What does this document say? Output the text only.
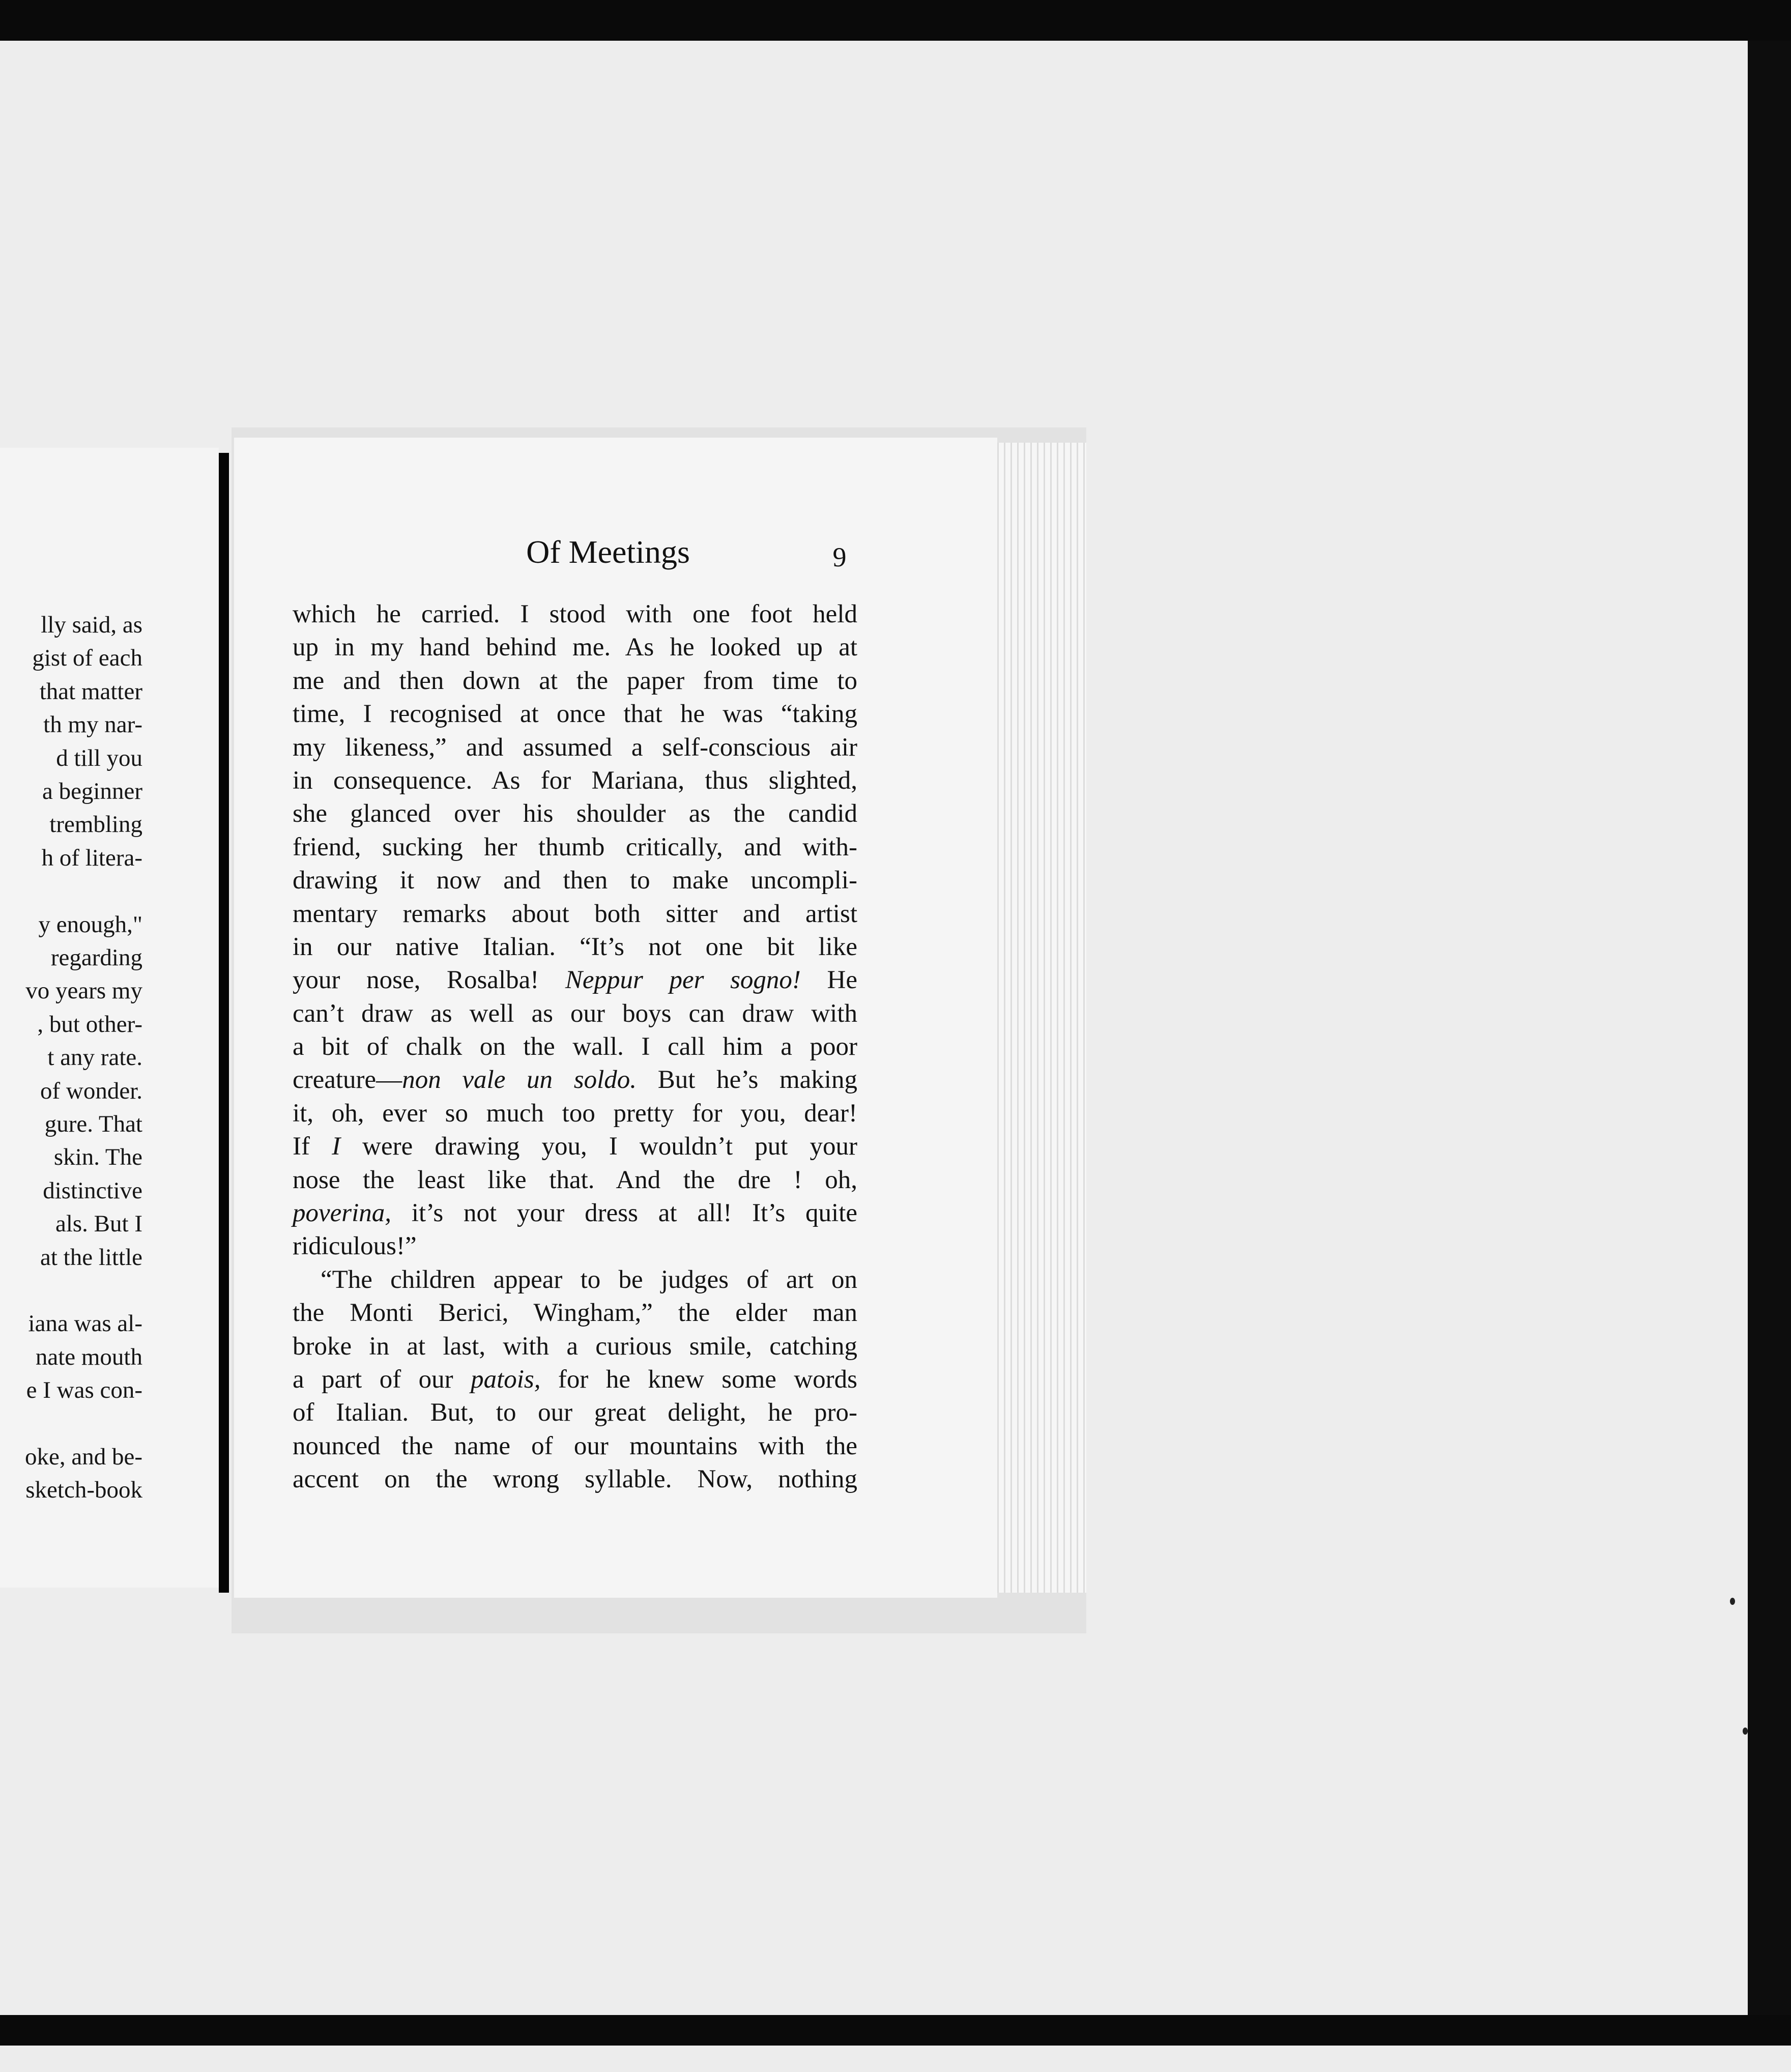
lly said, as
gist of each
that matter
th my nar-
d till you
a beginner
trembling
h of litera-
y enough,"
regarding
vo years my
, but other-
t any rate.
of wonder.
gure. That
skin. The
distinctive
als. But I
at the little
iana was al-
nate mouth
e I was con-
oke, and be-
sketch-book
Of Meetings	9
which he carried. I stood with one foot held
up in my hand behind me. As he looked up at
me and then down at the paper from time to
time, I recognised at once that he was “taking
my likeness,” and assumed a self-conscious air
in consequence. As for Mariana, thus slighted,
she glanced over his shoulder as the candid
friend, sucking her thumb critically, and with-
drawing it now and then to make uncompli-
mentary remarks about both sitter and artist
in our native Italian. “It’s not one bit like
your nose, Rosalba! Neppur per sogno! He
can’t draw as well as our boys can draw with
a bit of chalk on the wall. I call him a poor
creature—non vale un soldo. But he’s making
it, oh, ever so much too pretty for you, dear!
If I were drawing you, I wouldn’t put your
nose the least like that. And the dre ! oh,
poverina, it’s not your dress at all! It’s quite
ridiculous!”
“The children appear to be judges of art on
the Monti Berici, Wingham,” the elder man
broke in at last, with a curious smile, catching
a part of our patois, for he knew some words
of Italian. But, to our great delight, he pro-
nounced the name of our mountains with the
accent on the wrong syllable. Now, nothing
